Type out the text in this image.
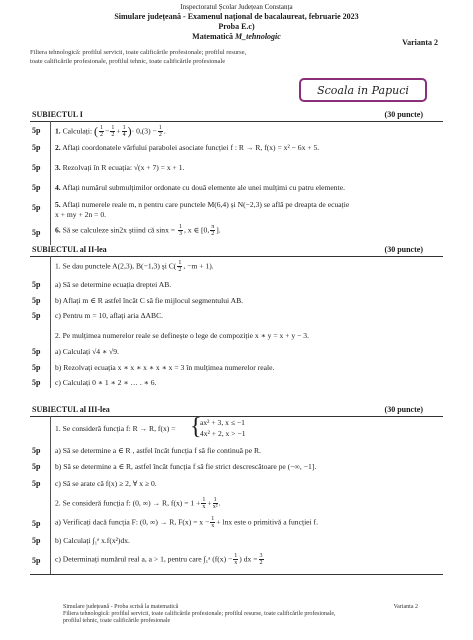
Inspectoratul Școlar Județean Constanța
Simulare județeană - Examenul național de bacalaureat, februarie 2023
Proba E.c)
Matematică M_tehnologic
Varianta 2
Filiera tehnologică: profilul servicii, toate calificările profesionale; profilul resurse,
toate calificările profesionale, profilul tehnic, toate calificările profesionale
Scoala in Papuci
SUBIECTUL I	(30 puncte)
5p 1. Calculați: ( $\frac{1}{2} - \frac{1}{2} + \frac{1}{4}$ )· $0,(3) - \frac{1}{2}$ .
5p 2. Aflați coordonatele vârfului parabolei asociate funcției f : R → R, f(x) = x² − 6x + 5.
5p 3. Rezolvați în R ecuația: √(x + 7) = x + 1.
5p 4. Aflați numărul submulțimilor ordonate cu două elemente ale unei mulțimi cu patru elemente.
5p 5. Aflați numerele reale m, n pentru care punctele M(6,4) și N(−2,3) se află pe dreapta de ecuație
x + my + 2n = 0.
5p 6. Să se calculeze sin2x știind că $\sin x = \frac{1}{3}$ , x ∈ [0, $\frac{\pi}{2}$ ].
SUBIECTUL al II-lea	(30 puncte)
1. Se dau punctele A(2,3), B(−1,3) și $C( \frac{1}{2}$ , −m + 1).
5p a) Să se determine ecuația dreptei AB.
5p b) Aflați m ∈ R astfel încât C să fie mijlocul segmentului AB.
5p c) Pentru m = 10, aflați aria ΔABC.
2. Pe mulțimea numerelor reale se definește o lege de compoziție x ∗ y = x + y − 3.
5p a) Calculați √4 ∗ √9.
5p b) Rezolvați ecuația x ∗ x ∗ x ∗ x ∗ x = 3 în mulțimea numerelor reale.
5p c) Calculați 0 ∗ 1 ∗ 2 ∗ … . ∗ 6.
SUBIECTUL al III-lea	(30 puncte)
1. Se consideră funcția f: R → R, f(x) = {
ax² + 3, x ≤ −1
4x² + 2, x > −1
5p a) Să se determine a ∈ R , astfel încât funcția f să fie continuă pe R.
5p b) Să se determine a ∈ R, astfel încât funcția f să fie strict descrescătoare pe (−∞, −1].
5p c) Să se arate că f(x) ≥ 2, ∀ x ≥ 0.
2. Se consideră funcția f: (0, ∞) → R, $f(x) = 1 + \frac{1}{x} + \frac{1}{\text{x²}}$ .
5p a) Verificați dacă funcția F: (0, ∞) → R, $F(x) = x - \frac{1}{x} + \ln x$ este o primitivă a funcției f.
5p b) Calculați ∫₁ᵉ x.f(x²)dx.
5p c) Determinați numărul real a, a > 1, pentru care ∫₁ᵃ ($f(x) - \frac{1}{x}$ ) dx = $\frac{3}{2}$
Simulare județeană - Proba scrisă la matematică
Filiera tehnologică: profilul servicii, toate calificările profesionale; profilul resurse, toate calificările profesionale,
profilul tehnic, toate calificările profesionale
Varianta 2
